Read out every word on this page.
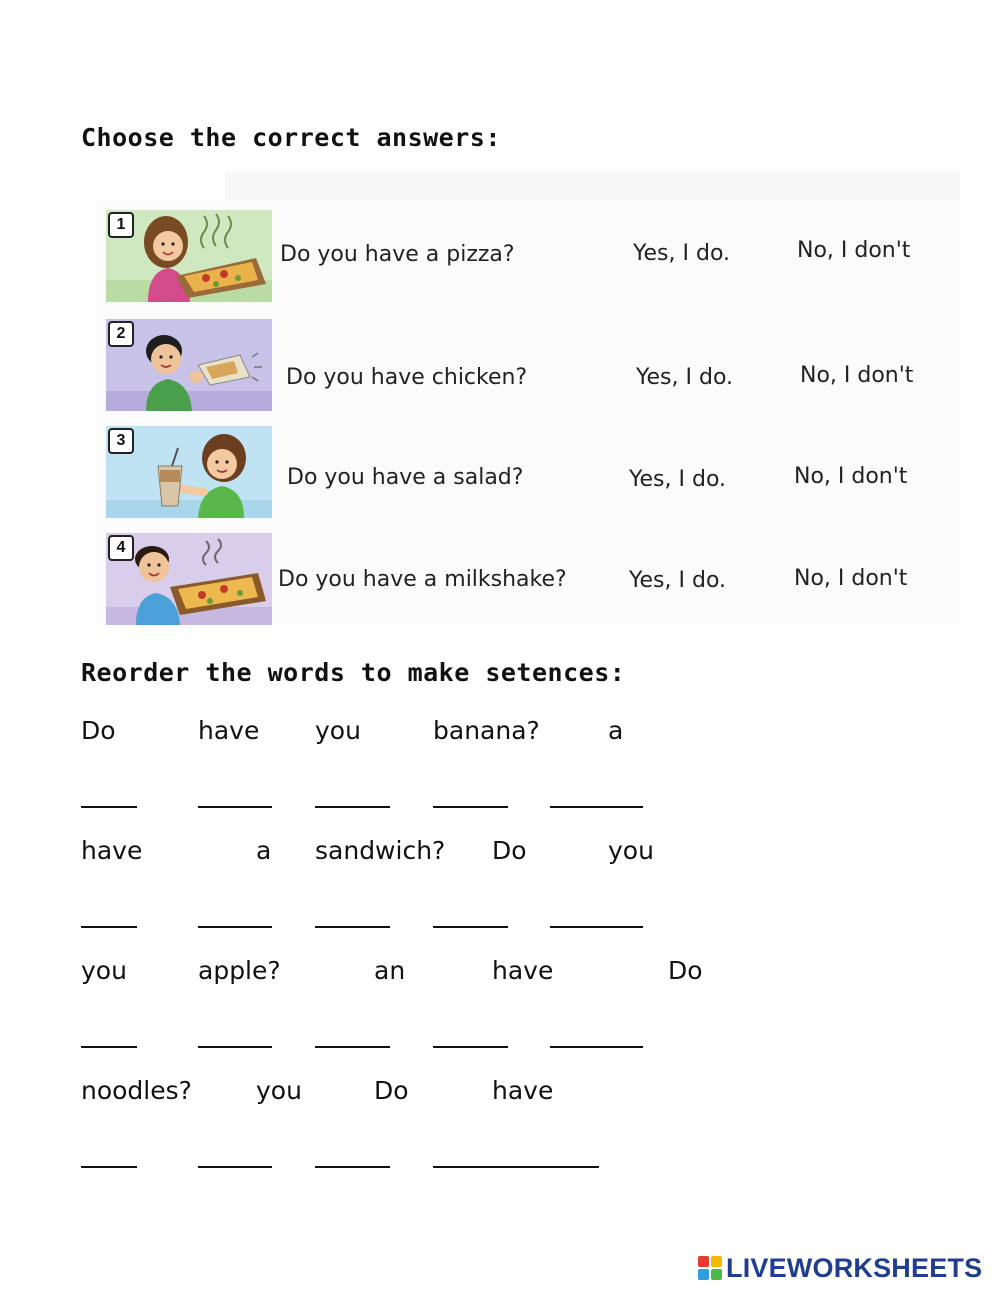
Choose the correct answers:
1
2
3
4
Do you have a pizza?	Yes, I do.	No, I don't
Do you have chicken?	Yes, I do.	No, I don't
Do you have a salad?	Yes, I do.	No, I don't
Do you have a milkshake?	Yes, I do.	No, I don't
Reorder the words to make setences:
Do	have you	banana?	a
have	a sandwich? Do	you
you	apple?	an	have	Do
noodles?	you	Do	have
LIVEWORKSHEETS
